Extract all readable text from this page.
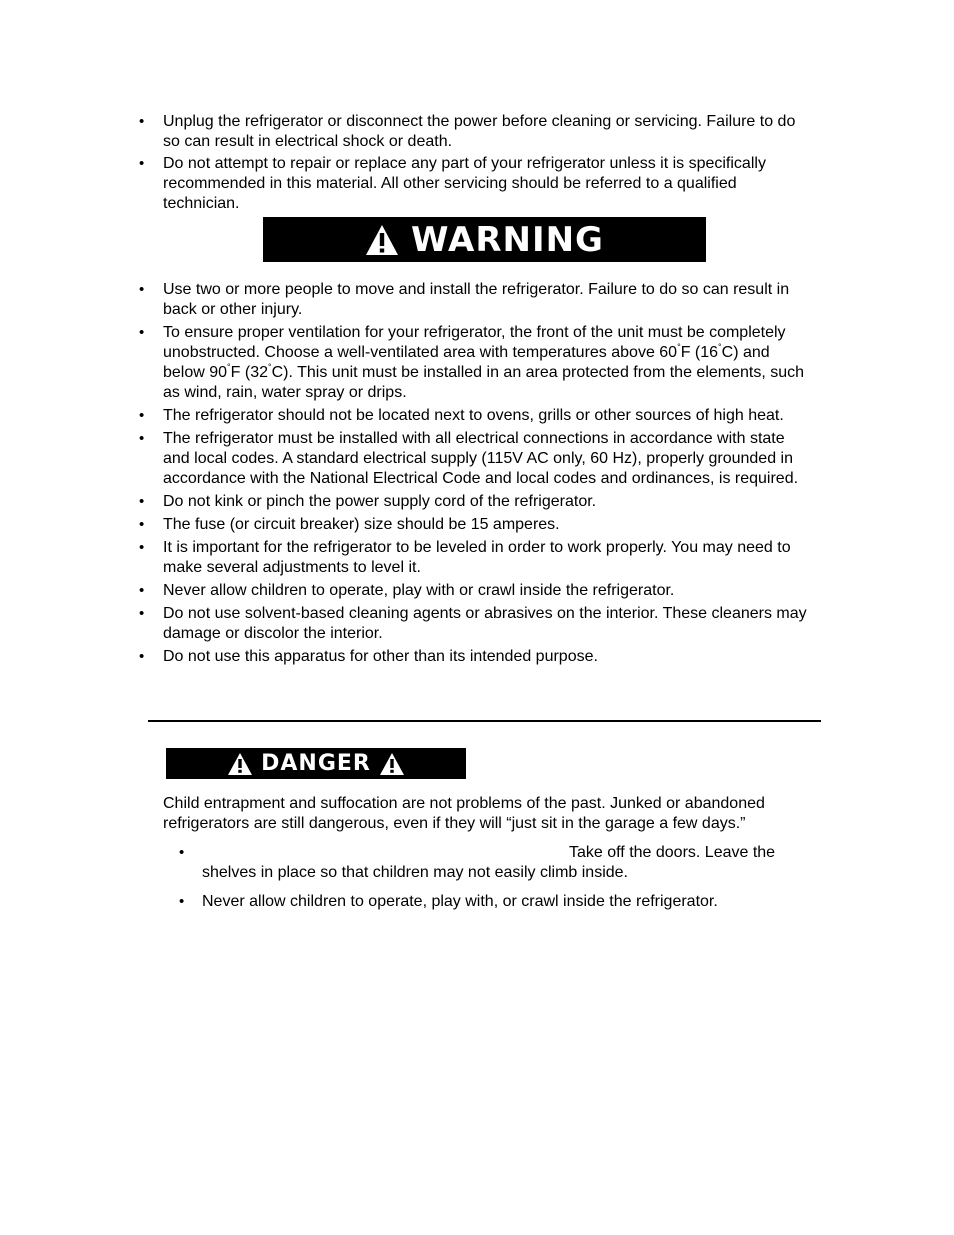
• Unplug the refrigerator or disconnect the power before cleaning or servicing. Failure to do so can result in electrical shock or death.
• Do not attempt to repair or replace any part of your refrigerator unless it is specifically recommended in this material. All other servicing should be referred to a qualified technician.
WARNING
• Use two or more people to move and install the refrigerator. Failure to do so can result in back or other injury.
• To ensure proper ventilation for your refrigerator, the front of the unit must be completely unobstructed. Choose a well-ventilated area with temperatures above 60°F (16°C) and below 90°F (32°C). This unit must be installed in an area protected from the elements, such as wind, rain, water spray or drips.
• The refrigerator should not be located next to ovens, grills or other sources of high heat.
• The refrigerator must be installed with all electrical connections in accordance with state and local codes. A standard electrical supply (115V AC only, 60 Hz), properly grounded in accordance with the National Electrical Code and local codes and ordinances, is required.
• Do not kink or pinch the power supply cord of the refrigerator.
• The fuse (or circuit breaker) size should be 15 amperes.
• It is important for the refrigerator to be leveled in order to work properly. You may need to make several adjustments to level it.
• Never allow children to operate, play with or crawl inside the refrigerator.
• Do not use solvent-based cleaning agents or abrasives on the interior. These cleaners may damage or discolor the interior.
• Do not use this apparatus for other than its intended purpose.
DANGER

Child entrapment and suffocation are not problems of the past. Junked or abandoned refrigerators are still dangerous, even if they will “just sit in the garage a few days.”

• Take off the doors. Leave the shelves in place so that children may not easily climb inside.
• Never allow children to operate, play with, or crawl inside the refrigerator.
